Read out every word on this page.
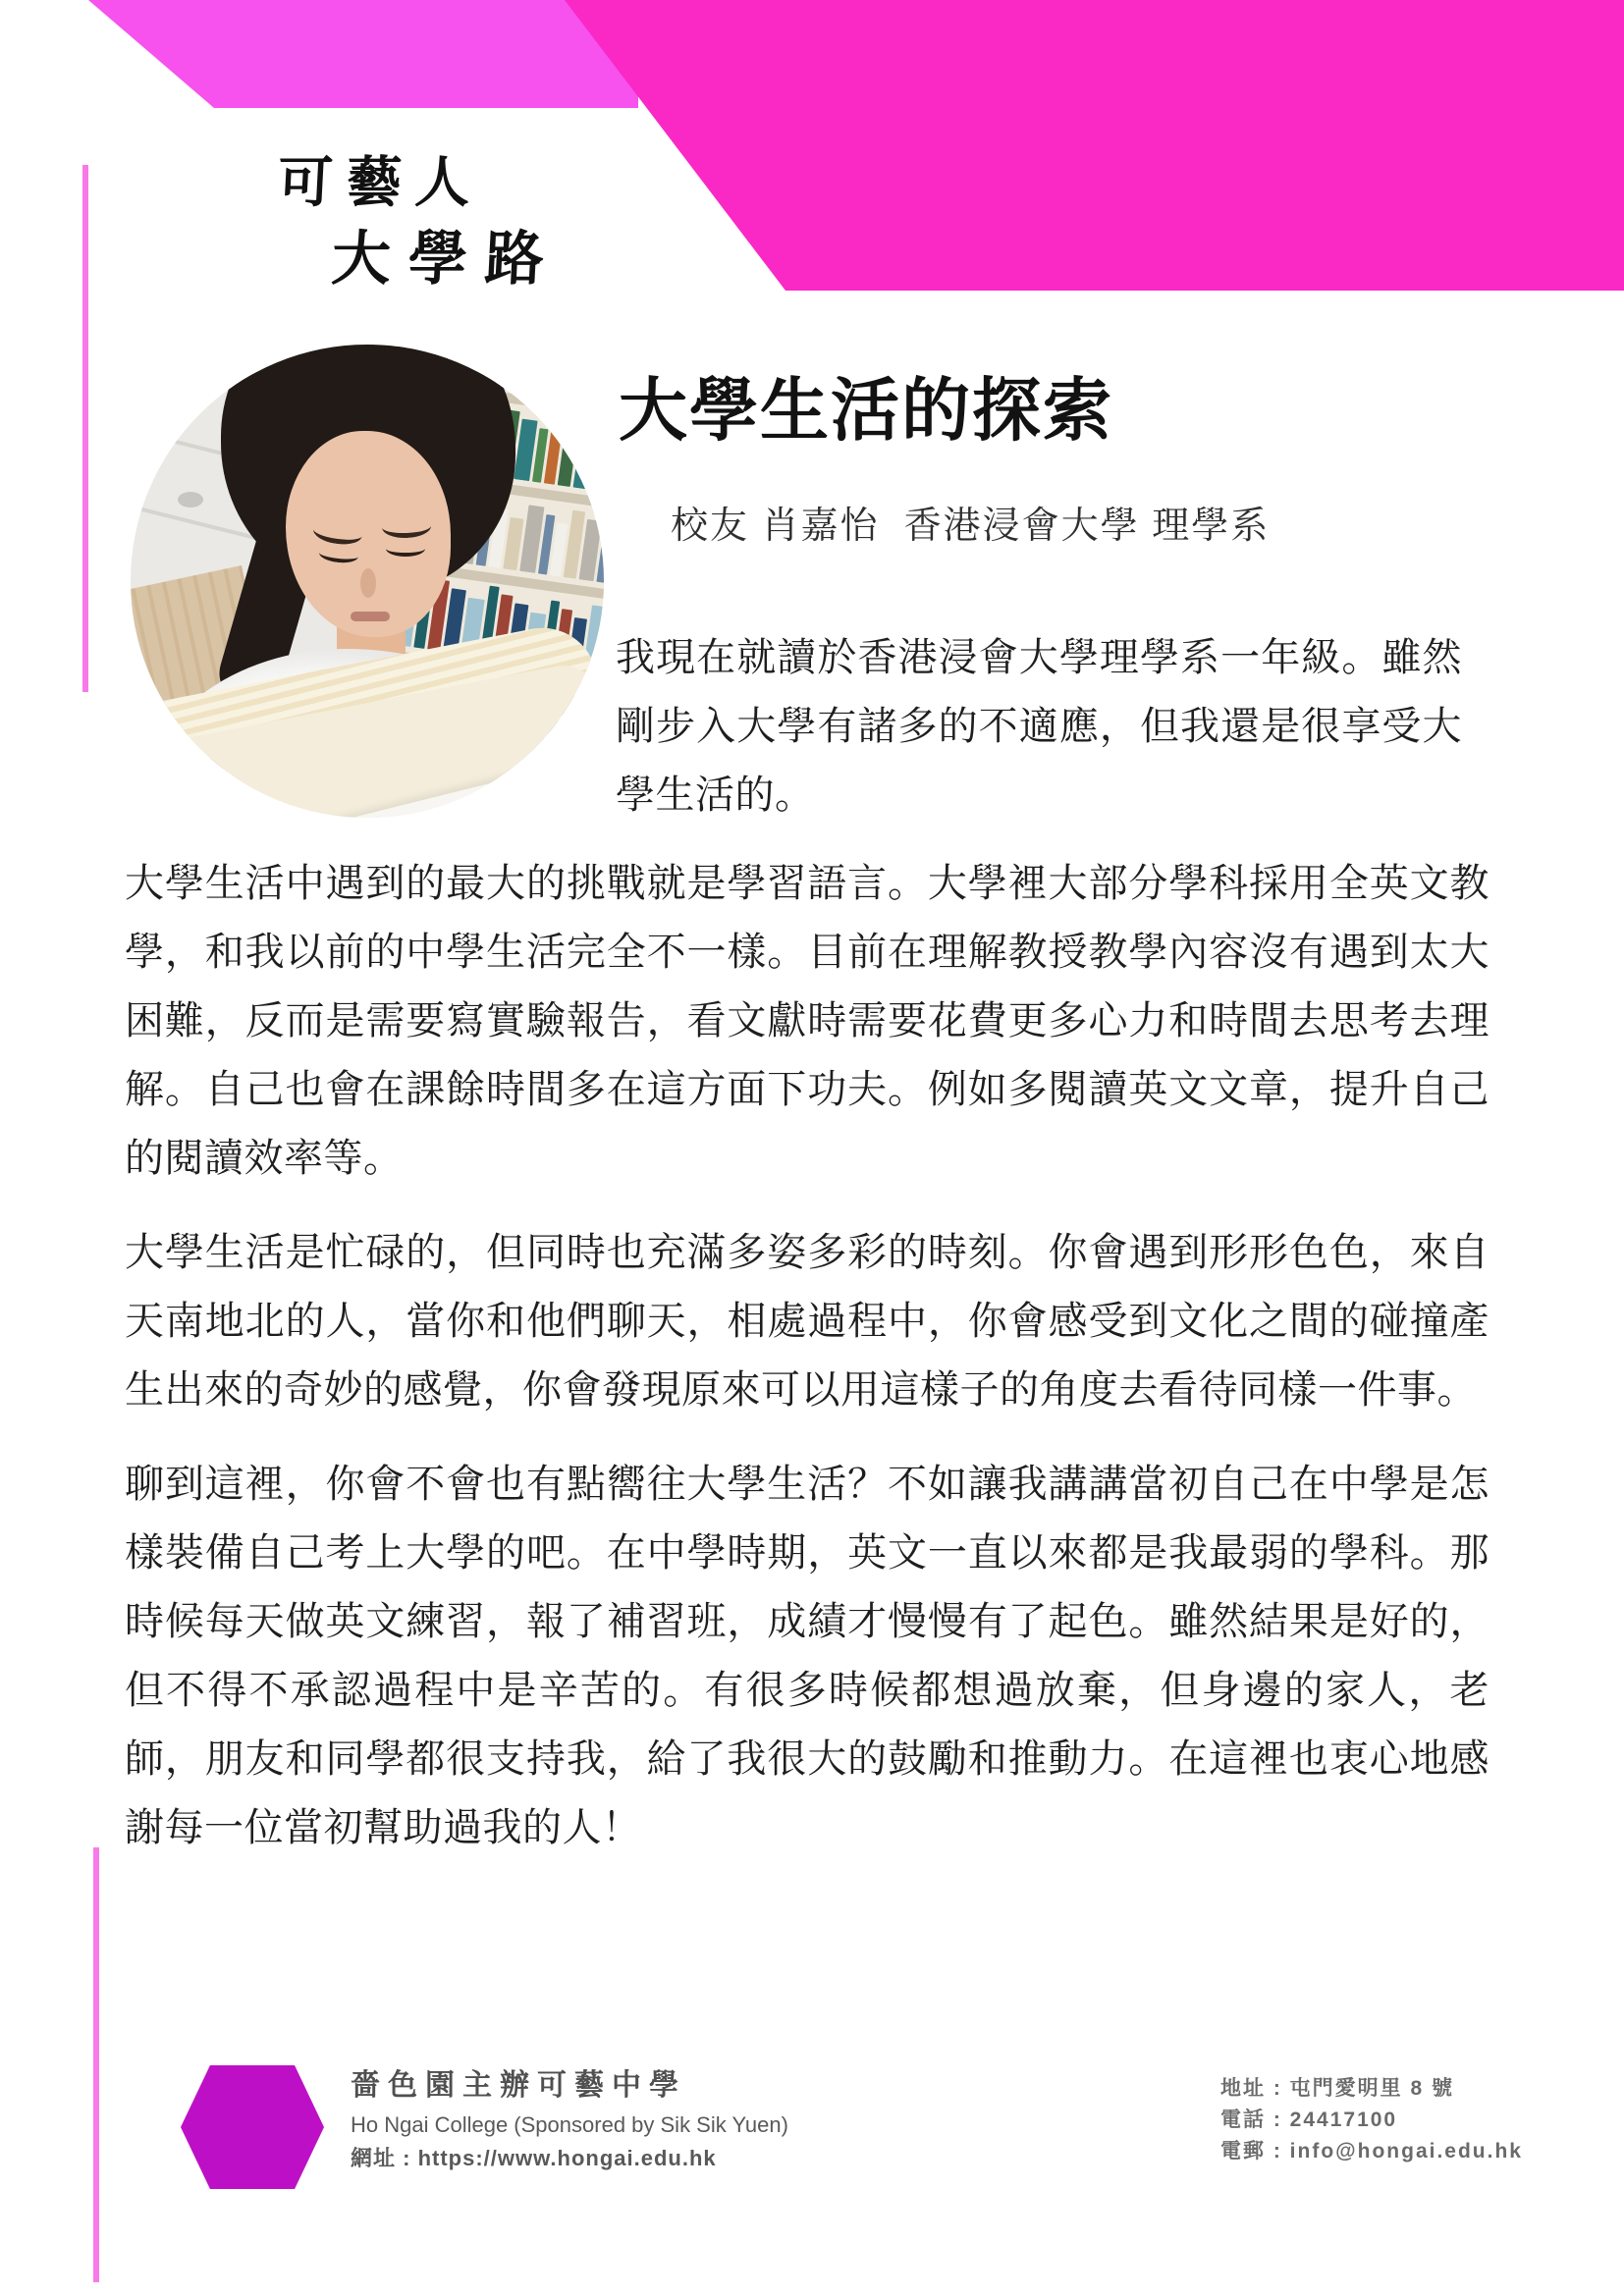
可藝人
大學路
大學生活的探索
校友 肖嘉怡  香港浸會大學 理學系
我現在就讀於香港浸會大學理學系一年級。雖然剛步入大學有諸多的不適應，但我還是很享受大學生活的。

大學生活中遇到的最大的挑戰就是學習語言。大學裡大部分學科採用全英文教學，和我以前的中學生活完全不一樣。目前在理解教授教學內容沒有遇到太大困難，反而是需要寫實驗報告，看文獻時需要花費更多心力和時間去思考去理解。自己也會在課餘時間多在這方面下功夫。例如多閱讀英文文章，提升自己的閱讀效率等。

大學生活是忙碌的，但同時也充滿多姿多彩的時刻。你會遇到形形色色，來自天南地北的人，當你和他們聊天，相處過程中，你會感受到文化之間的碰撞產生出來的奇妙的感覺，你會發現原來可以用這樣子的角度去看待同樣一件事。

聊到這裡，你會不會也有點嚮往大學生活？不如讓我講講當初自己在中學是怎樣裝備自己考上大學的吧。在中學時期，英文一直以來都是我最弱的學科。那時候每天做英文練習，報了補習班，成績才慢慢有了起色。雖然結果是好的，但不得不承認過程中是辛苦的。有很多時候都想過放棄，但身邊的家人，老師，朋友和同學都很支持我，給了我很大的鼓勵和推動力。在這裡也衷心地感謝每一位當初幫助過我的人！

嗇色園主辦可藝中學
Ho Ngai College (Sponsored by Sik Sik Yuen)
網址 : https://www.hongai.edu.hk
地址 : 屯門愛明里 8 號
電話 : 24417100
電郵 : info@hongai.edu.hk
